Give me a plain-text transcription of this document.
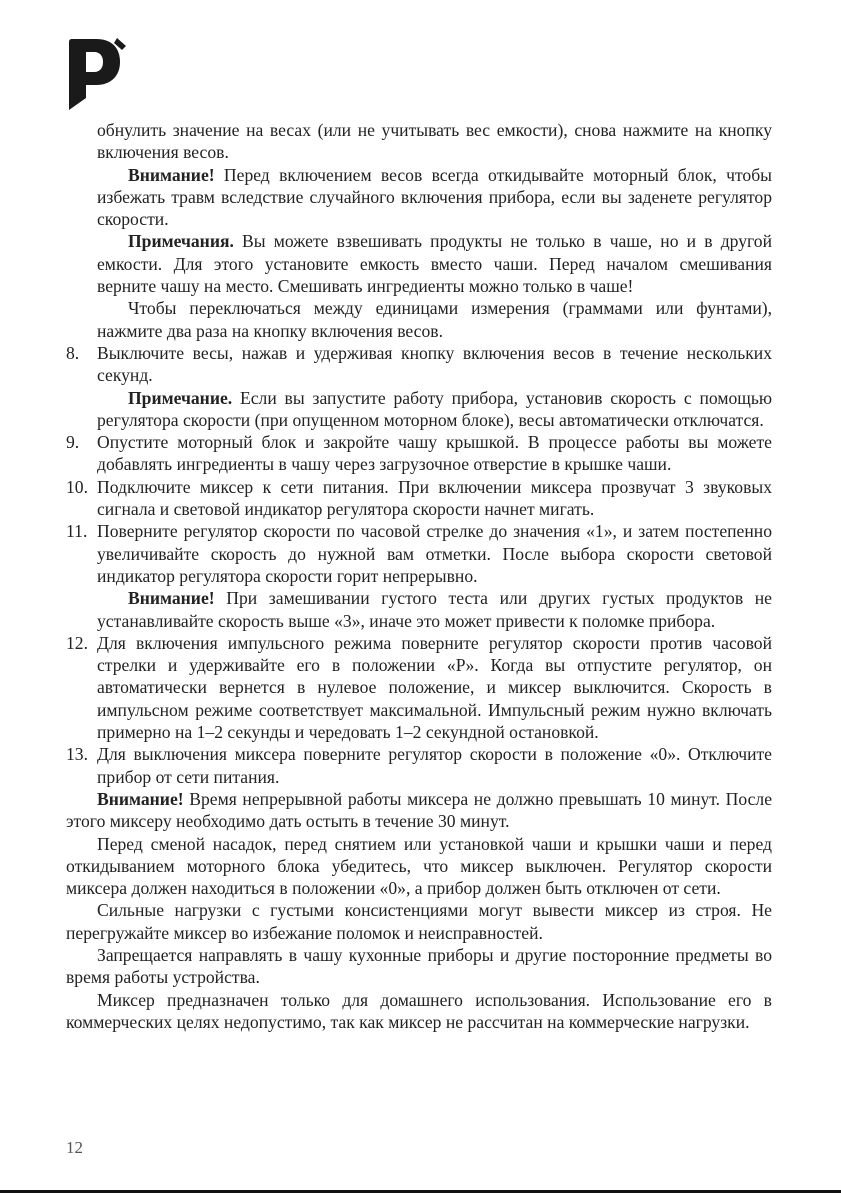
обнулить значение на весах (или не учитывать вес емкости), снова нажмите на кнопку включения весов.

Внимание! Перед включением весов всегда откидывайте моторный блок, чтобы избежать травм вследствие случайного включения прибора, если вы заденете регулятор скорости.

Примечания. Вы можете взвешивать продукты не только в чаше, но и в другой емкости. Для этого установите емкость вместо чаши. Перед началом смешивания верните чашу на место. Смешивать ингредиенты можно только в чаше!

Чтобы переключаться между единицами измерения (граммами или фунтами), нажмите два раза на кнопку включения весов.

8.	Выключите весы, нажав и удерживая кнопку включения весов в течение нескольких секунд.

Примечание. Если вы запустите работу прибора, установив скорость с помощью регулятора скорости (при опущенном моторном блоке), весы автоматически отключатся.

9.	Опустите моторный блок и закройте чашу крышкой. В процессе работы вы можете добавлять ингредиенты в чашу через загрузочное отверстие в крышке чаши.

10. Подключите миксер к сети питания. При включении миксера прозвучат 3 звуковых сигнала и световой индикатор регулятора скорости начнет мигать.

11. Поверните регулятор скорости по часовой стрелке до значения «1», и затем постепенно увеличивайте скорость до нужной вам отметки. После выбора скорости световой индикатор регулятора скорости горит непрерывно.

Внимание! При замешивании густого теста или других густых продуктов не устанавливайте скорость выше «3», иначе это может привести к поломке прибора.

12. Для включения импульсного режима поверните регулятор скорости против часовой стрелки и удерживайте его в положении «P». Когда вы отпустите регулятор, он автоматически вернется в нулевое положение, и миксер выключится. Скорость в импульсном режиме соответствует максимальной. Импульсный режим нужно включать примерно на 1–2 секунды и чередовать 1–2 секундной остановкой.

13. Для выключения миксера поверните регулятор скорости в положение «0». Отключите прибор от сети питания.

Внимание! Время непрерывной работы миксера не должно превышать 10 минут. После этого миксеру необходимо дать остыть в течение 30 минут.

Перед сменой насадок, перед снятием или установкой чаши и крышки чаши и перед откидыванием моторного блока убедитесь, что миксер выключен. Регулятор скорости миксера должен находиться в положении «0», а прибор должен быть отключен от сети.

Сильные нагрузки с густыми консистенциями могут вывести миксер из строя. Не перегружайте миксер во избежание поломок и неисправностей.

Запрещается направлять в чашу кухонные приборы и другие посторонние предметы во время работы устройства.

Миксер предназначен только для домашнего использования. Использование его в коммерческих целях недопустимо, так как миксер не рассчитан на коммерческие нагрузки.

12
